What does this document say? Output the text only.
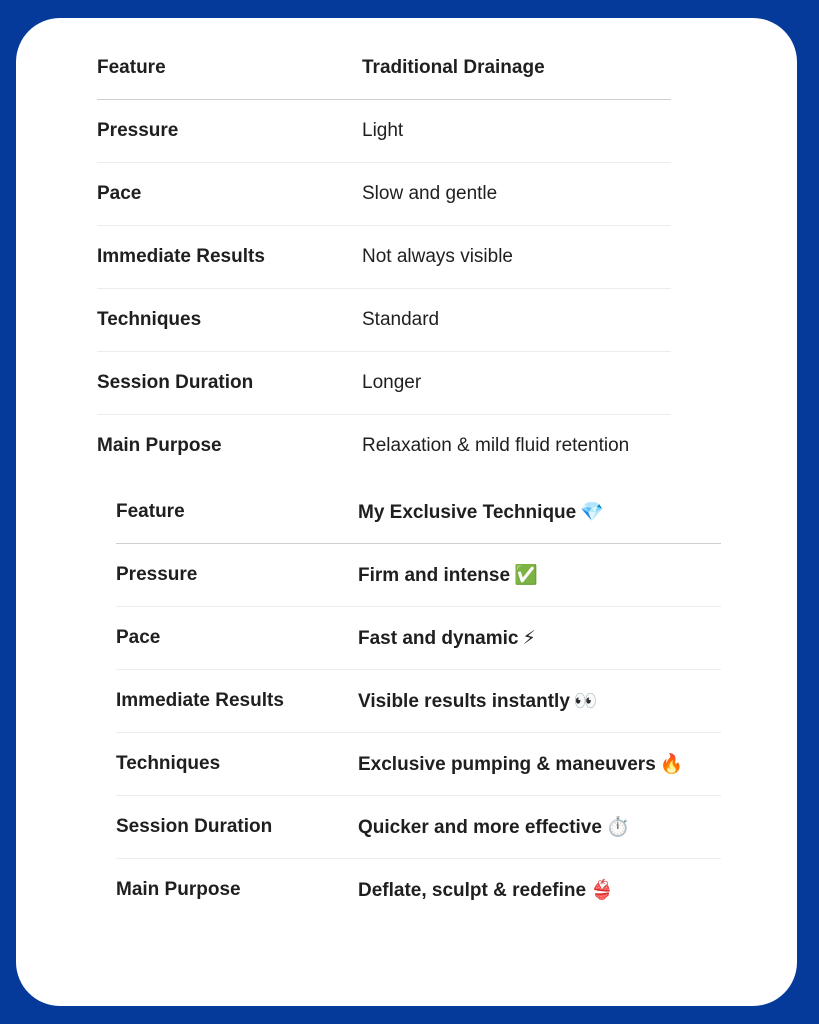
Feature	Traditional Drainage
Pressure	Light
Pace	Slow and gentle
Immediate Results	Not always visible
Techniques	Standard
Session Duration	Longer
Main Purpose	Relaxation & mild fluid retention
Feature	My Exclusive Technique 💎
Pressure	Firm and intense ✅
Pace	Fast and dynamic ⚡
Immediate Results	Visible results instantly 👀
Techniques	Exclusive pumping & maneuvers 🔥
Session Duration	Quicker and more effective ⏱️
Main Purpose	Deflate, sculpt & redefine 👙
